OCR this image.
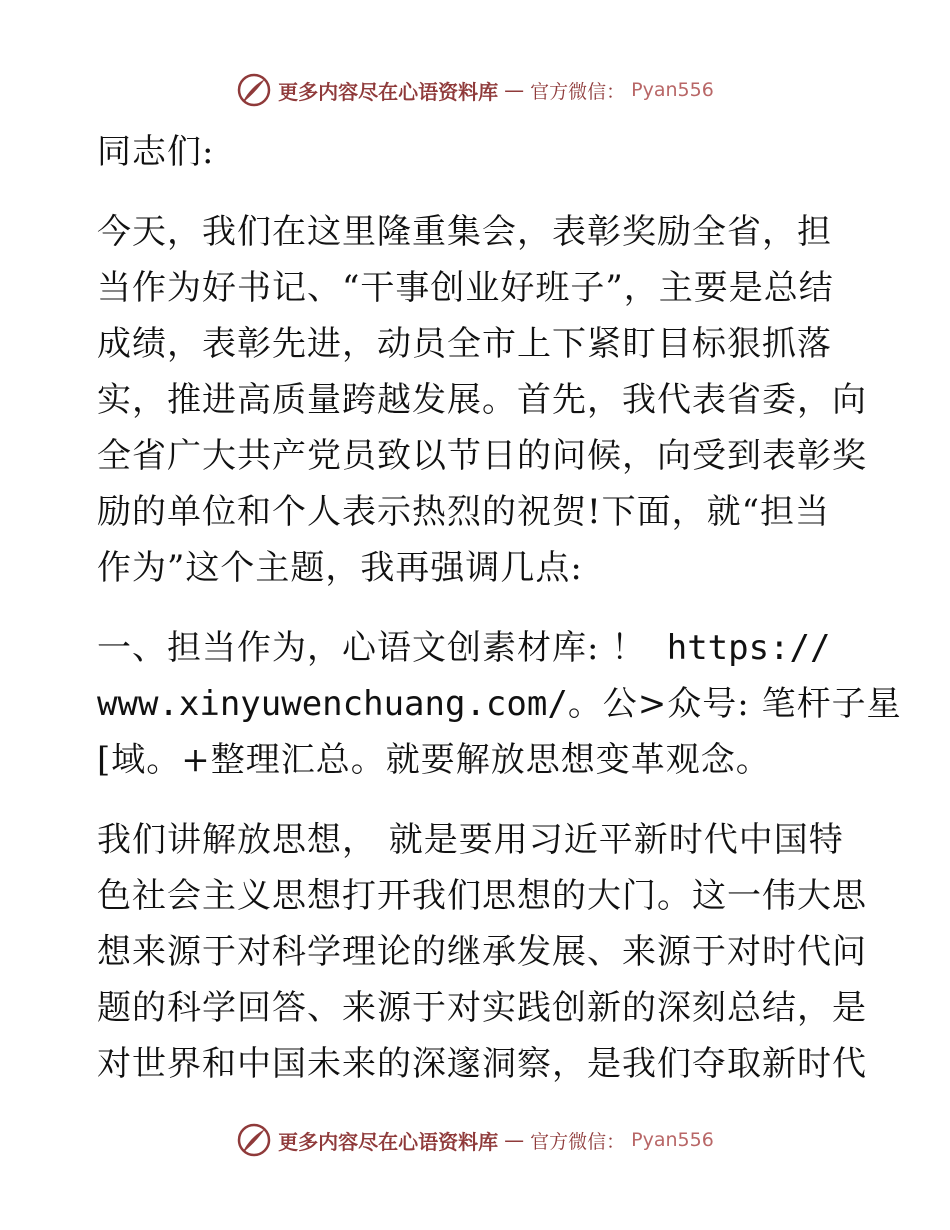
更多内容尽在心语资料库 — 官方微信： Pyan556

同志们:

今天，我们在这里隆重集会，表彰奖励全省，担
当作为好书记、“干事创业好班子”，主要是总结
成绩，表彰先进，动员全市上下紧盯目标狠抓落
实，推进高质量跨越发展。首先，我代表省委，向
全省广大共产党员致以节日的问候，向受到表彰奖
励的单位和个人表示热烈的祝贺!下面，就“担当
作为”这个主题，我再强调几点:

一、担当作为，心语文创素材库: ！ https://
www.xinyuwenchuang.com/。公>众号: 笔杆子星
[域。+整理汇总。就要解放思想变革观念。

我们讲解放思想， 就是要用习近平新时代中国特
色社会主义思想打开我们思想的大门。这一伟大思
想来源于对科学理论的继承发展、来源于对时代问
题的科学回答、来源于对实践创新的深刻总结，是
对世界和中国未来的深邃洞察，是我们夺取新时代

更多内容尽在心语资料库 — 官方微信： Pyan556
